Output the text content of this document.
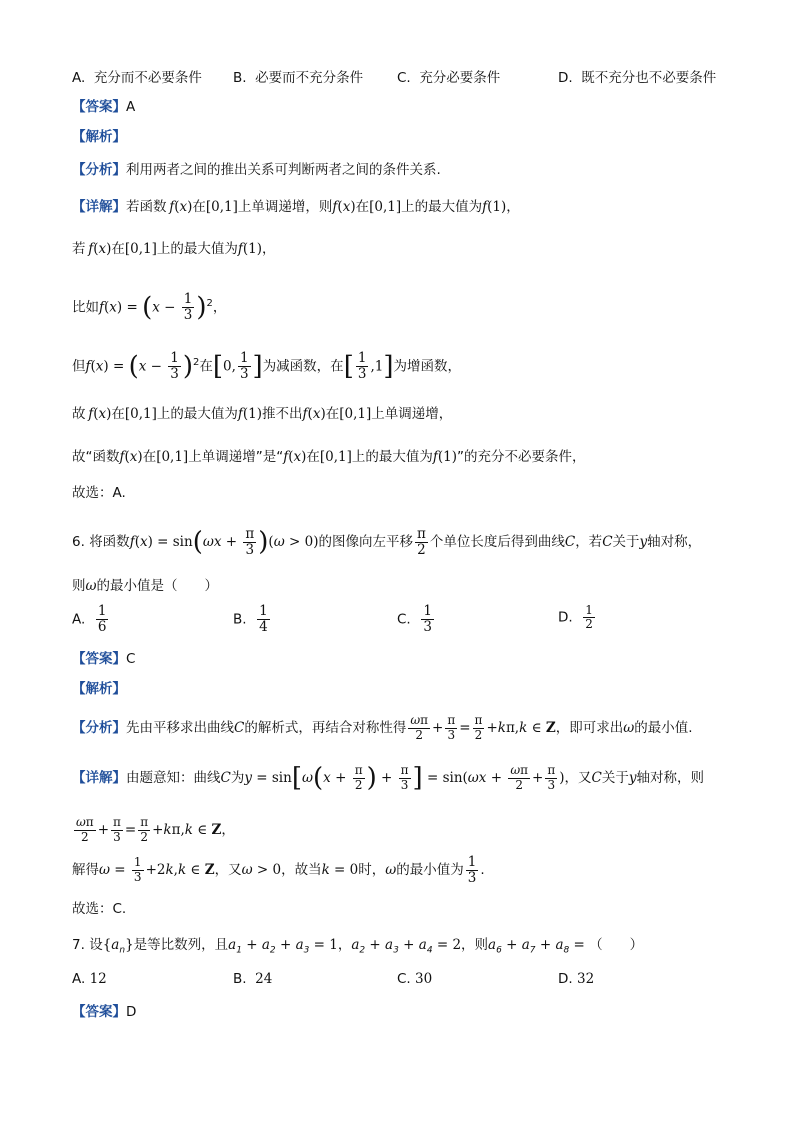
A. 充分而不必要条件 B. 必要而不充分条件	C. 充分必要条件	D. 既不充分也不必要条件
【答案】A
【解析】
【分析】利用两者之间的推出关系可判断两者之间的条件关系.
【详解】若函数 f(x)在[0,1]上单调递增，则f(x)在[0,1]上的最大值为f(1)，
若 f(x)在[0,1]上的最大值为f(1)，
比如$f(x) = (x - \frac{1}{3} )^2$，
但$f(x) = (x - \frac{1}{3} )^2$在[0, $\frac{1}{3}$ ]为减函数，在[ $\frac{1}{3} ,1$]为增函数，
故 f(x)在[0,1]上的最大值为f(1)推不出f(x)在[0,1]上单调递增，
故“函数f(x)在[0,1]上单调递增”是“f(x)在[0,1]上的最大值为f(1)”的充分不必要条件，
故选：A.
6. 将函数$f(x) = \sin(\omega x + \frac{\pi}{3} )(\omega > 0)$的图像向左平移 $\frac{\pi}{2}$ 个单位长度后得到曲线C，若C关于y轴对称，
则ω的最小值是（　　）
A. $\frac{1}{6}$	B. $\frac{1}{4}$	C. $\frac{1}{3}$	D. $\frac{1}{2}$
【答案】C
【解析】
【分析】先由平移求出曲线C的解析式，再结合对称性得 $\frac{\omega\pi}{2} + \frac{\pi}{3} = \frac{\pi}{2} +k\pi,k$ ∈ Z，即可求出ω的最小值.
【详解】由题意知：曲线C为$y = \sin[\omega(x + \frac{\pi}{2}$ ) + $\frac{\pi}{3}$ ] = $\sin(\omega x + \frac{\omega\pi}{2} + \frac{\pi}{3}$ )，又C关于y轴对称，则
$\frac{\omega\pi}{2} + \frac{\pi}{3} = \frac{\pi}{2} +k\pi,k$ ∈ Z，
解得$\omega = \frac{1}{3} +2k,k$ ∈ Z，又ω > 0，故当k = 0时，ω的最小值为 $\frac{1}{3}$ .
故选：C.
7. 设$\{a_n\}$是等比数列，且$a_1 + a_2 + a_3 = 1$，$a_2 + a_3 + a_4 = 2$，则$a_6 + a_7 + a_8$ = （　　）
A. 12	B. 24	C. 30	D. 32
【答案】D
